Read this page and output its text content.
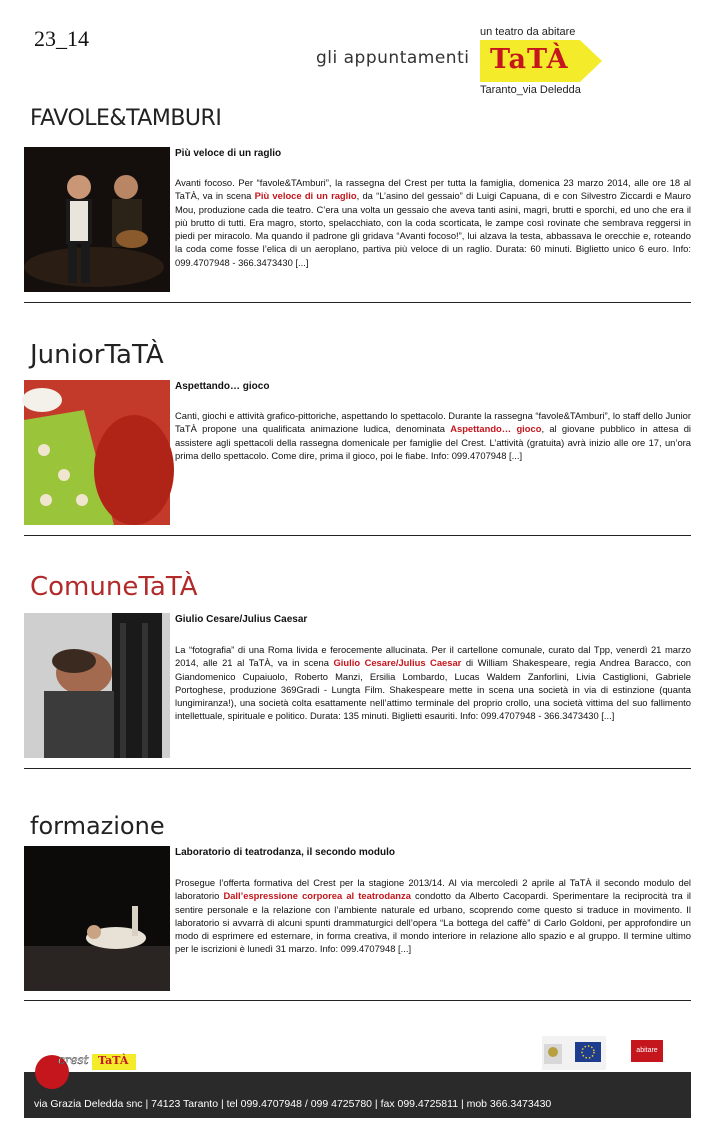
23_14
gli appuntamenti
un teatro da abitare
TaTÀ
Taranto_via Deledda
FAVOLE&TAMBURI
Più veloce di un raglio
Avanti focoso. Per “favole&TAmburi”, la rassegna del Crest per tutta la famiglia, domenica 23 marzo 2014, alle ore 18 al TaTÀ, va in scena Più veloce di un raglio, da “L’asino del gessaio” di Luigi Capuana, di e con Silvestro Ziccardi e Mauro Mou, produzione cada die teatro. C’era una volta un gessaio che aveva tanti asini, magri, brutti e sporchi, ed uno che era il più brutto di tutti. Era magro, storto, spelacchiato, con la coda scorticata, le zampe così rovinate che sembrava reggersi in piedi per miracolo. Ma quando il padrone gli gridava “Avanti focoso!”, lui alzava la testa, abbassava le orecchie e, roteando la coda come fosse l’elica di un aeroplano, partiva più veloce di un raglio. Durata: 60 minuti. Biglietto unico 6 euro. Info: 099.4707948 - 366.3473430 [...]
JuniorTaTÀ
Aspettando… gioco
Canti, giochi e attività grafico-pittoriche, aspettando lo spettacolo. Durante la rassegna “favole&TAmburi”, lo staff dello Junior TaTÀ propone una qualificata animazione ludica, denominata Aspettando… gioco, al giovane pubblico in attesa di assistere agli spettacoli della rassegna domenicale per famiglie del Crest. L’attività (gratuita) avrà inizio alle ore 17, un’ora prima dello spettacolo. Come dire, prima il gioco, poi le fiabe. Info: 099.4707948 [...]
ComuneTaTÀ
Giulio Cesare/Julius Caesar
La “fotografia” di una Roma livida e ferocemente allucinata. Per il cartellone comunale, curato dal Tpp, venerdì 21 marzo 2014, alle 21 al TaTÀ, va in scena Giulio Cesare/Julius Caesar di William Shakespeare, regia Andrea Baracco, con Giandomenico Cupaiuolo, Roberto Manzi, Ersilia Lombardo, Lucas Waldem Zanforlini, Livia Castiglioni, Gabriele Portoghese, produzione 369Gradi - Lungta Film. Shakespeare mette in scena una società in via di estinzione (quanta lungimiranza!), una società colta esattamente nell’attimo terminale del proprio crollo, una società vittima del suo fallimento intellettuale, spirituale e politico. Durata: 135 minuti. Biglietti esauriti. Info: 099.4707948 - 366.3473430 [...]
formazione
Laboratorio di teatrodanza, il secondo modulo
Prosegue l’offerta formativa del Crest per la stagione 2013/14. Al via mercoledì 2 aprile al TaTÀ il secondo modulo del laboratorio Dall’espressione corporea al teatrodanza condotto da Alberto Cacopardi. Sperimentare la reciprocità tra il sentire personale e la relazione con l’ambiente naturale ed urbano, scoprendo come questo si traduce in movimento. Il laboratorio si avvarrà di alcuni spunti drammaturgici dell’opera “La bottega del caffè” di Carlo Goldoni, per approfondire un modo di esprimere ed esternare, in forma creativa, il mondo interiore in relazione allo spazio e al gruppo. Il termine ultimo per le iscrizioni è lunedì 31 marzo. Info: 099.4707948 [...]
via Grazia Deledda snc | 74123 Taranto | tel 099.4707948 / 099 4725780 | fax 099.4725811 | mob 366.3473430
crest TaTÀ
abitare
